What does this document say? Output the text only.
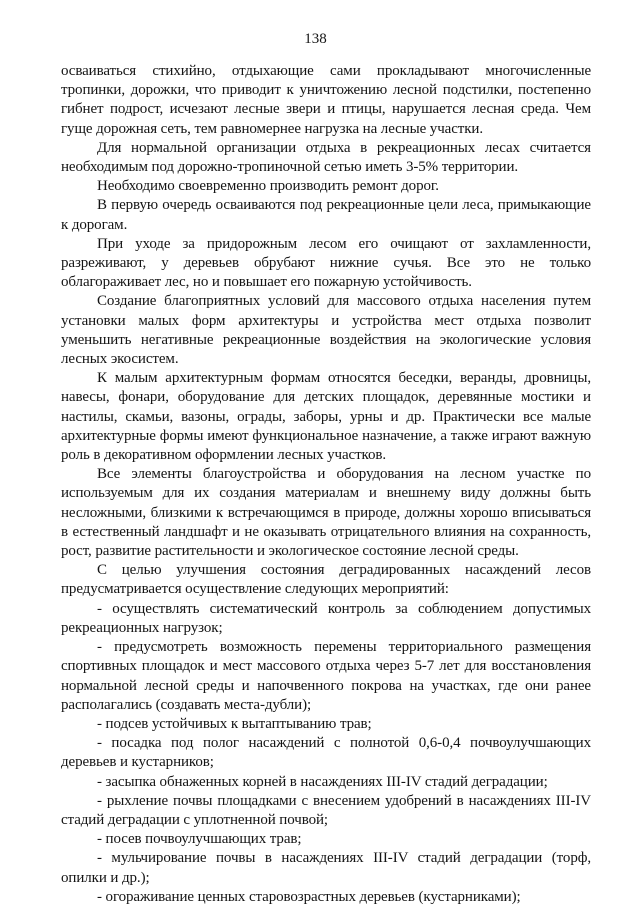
138

осваиваться стихийно, отдыхающие сами прокладывают многочисленные тропинки, дорожки, что приводит к уничтожению лесной подстилки, постепенно гибнет подрост, исчезают лесные звери и птицы, нарушается лесная среда. Чем гуще дорожная сеть, тем равномернее нагрузка на лесные участки.

Для нормальной организации отдыха в рекреационных лесах считается необходимым под дорожно-тропиночной сетью иметь 3-5% территории.

Необходимо своевременно производить ремонт дорог.

В первую очередь осваиваются под рекреационные цели леса, примыкающие к дорогам.

При уходе за придорожным лесом его очищают от захламленности, разреживают, у деревьев обрубают нижние сучья. Все это не только облагораживает лес, но и повышает его пожарную устойчивость.

Создание благоприятных условий для массового отдыха населения путем установки малых форм архитектуры и устройства мест отдыха позволит уменьшить негативные рекреационные воздействия на экологические условия лесных экосистем.

К малым архитектурным формам относятся беседки, веранды, дровницы, навесы, фонари, оборудование для детских площадок, деревянные мостики и настилы, скамьи, вазоны, ограды, заборы, урны и др. Практически все малые архитектурные формы имеют функциональное назначение, а также играют важную роль в декоративном оформлении лесных участков.

Все элементы благоустройства и оборудования на лесном участке по используемым для их создания материалам и внешнему виду должны быть несложными, близкими к встречающимся в природе, должны хорошо вписываться в естественный ландшафт и не оказывать отрицательного влияния на сохранность, рост, развитие растительности и экологическое состояние лесной среды.

С целью улучшения состояния деградированных насаждений лесов предусматривается осуществление следующих мероприятий:

- осуществлять систематический контроль за соблюдением допустимых рекреационных нагрузок;

- предусмотреть возможность перемены территориального размещения спортивных площадок и мест массового отдыха через 5-7 лет для восстановления нормальной лесной среды и напочвенного покрова на участках, где они ранее располагались (создавать места-дубли);

- подсев устойчивых к вытаптыванию трав;

- посадка под полог насаждений с полнотой 0,6-0,4 почвоулучшающих деревьев и кустарников;

- засыпка обнаженных корней в насаждениях III-IV стадий деградации;

- рыхление почвы площадками с внесением удобрений в насаждениях III-IV стадий деградации с уплотненной почвой;

- посев почвоулучшающих трав;

- мульчирование почвы в насаждениях III-IV стадий деградации (торф, опилки и др.);

- огораживание ценных старовозрастных деревьев (кустарниками);
